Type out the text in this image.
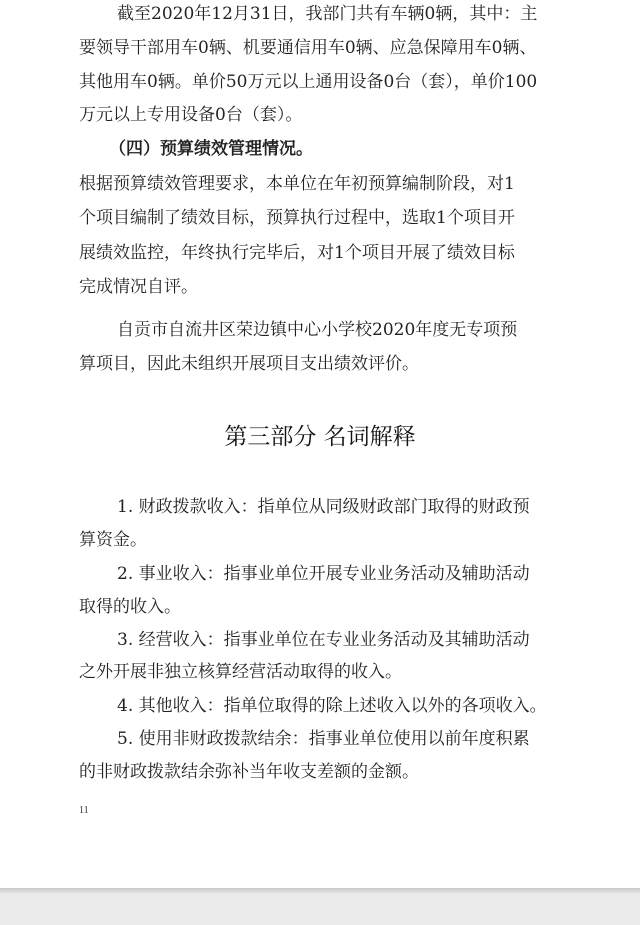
截至2020年12月31日，我部门共有车辆0辆，其中：主
要领导干部用车0辆、机要通信用车0辆、应急保障用车0辆、
其他用车0辆。单价50万元以上通用设备0台（套），单价100
万元以上专用设备0台（套）。
（四）预算绩效管理情况。
根据预算绩效管理要求，本单位在年初预算编制阶段，对1
个项目编制了绩效目标，预算执行过程中，选取1个项目开
展绩效监控，年终执行完毕后，对1个项目开展了绩效目标
完成情况自评。
自贡市自流井区荣边镇中心小学校2020年度无专项预
算项目，因此未组织开展项目支出绩效评价。
第三部分 名词解释
1. 财政拨款收入：指单位从同级财政部门取得的财政预
算资金。
2. 事业收入：指事业单位开展专业业务活动及辅助活动
取得的收入。
3. 经营收入：指事业单位在专业业务活动及其辅助活动
之外开展非独立核算经营活动取得的收入。
4. 其他收入：指单位取得的除上述收入以外的各项收入。
5. 使用非财政拨款结余：指事业单位使用以前年度积累
的非财政拨款结余弥补当年收支差额的金额。
11
